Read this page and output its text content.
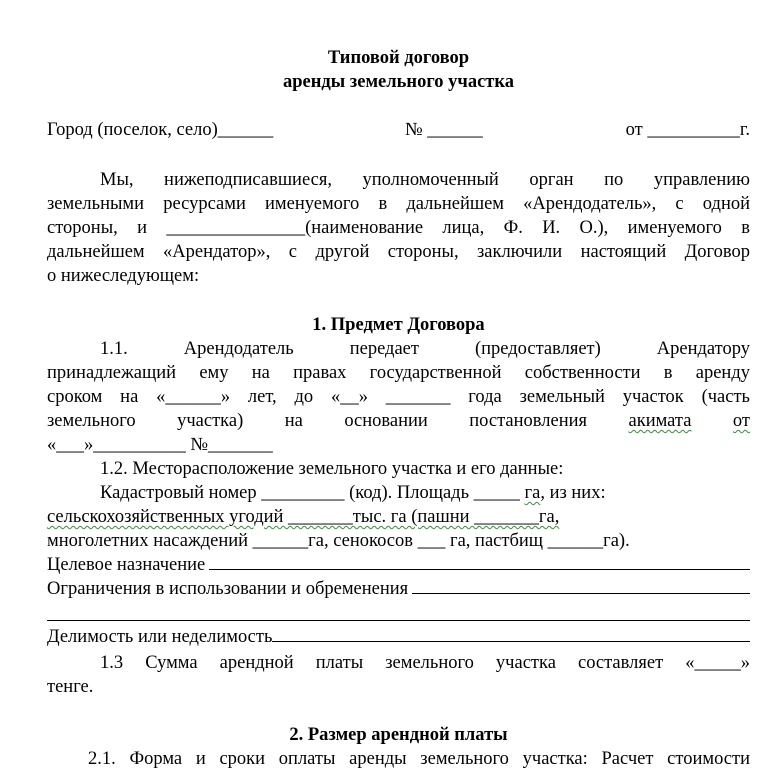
Типовой договор
аренды земельного участка
Город (поселок, село)______	№ ______	от __________г.
Мы, нижеподписавшиеся, уполномоченный орган по управлению
земельными ресурсами именуемого в дальнейшем «Арендодатель», с одной
стороны, и _______________(наименование лица, Ф. И. О.), именуемого в
дальнейшем «Арендатор», с другой стороны, заключили настоящий Договор
о нижеследующем:
1. Предмет Договора
1.1. Арендодатель передает (предоставляет) Арендатору
принадлежащий ему на правах государственной собственности в аренду
сроком на «______» лет, до «__» _______ года земельный участок (часть
земельного участка) на основании постановления акимата от
«___»__________ №_______
1.2. Месторасположение земельного участка и его данные:
Кадастровый номер _________ (код). Площадь _____ га, из них:
сельскохозяйственных угодий _______тыс. га (пашни _______га,
многолетних насаждений ______га, сенокосов ___ га, пастбищ ______га).
Целевое назначение
Ограничения в использовании и обременения
Делимость или неделимость
1.3 Сумма арендной платы земельного участка составляет «_____»
тенге.
2. Размер арендной платы
2.1. Форма и сроки оплаты аренды земельного участка: Расчет стоимости
